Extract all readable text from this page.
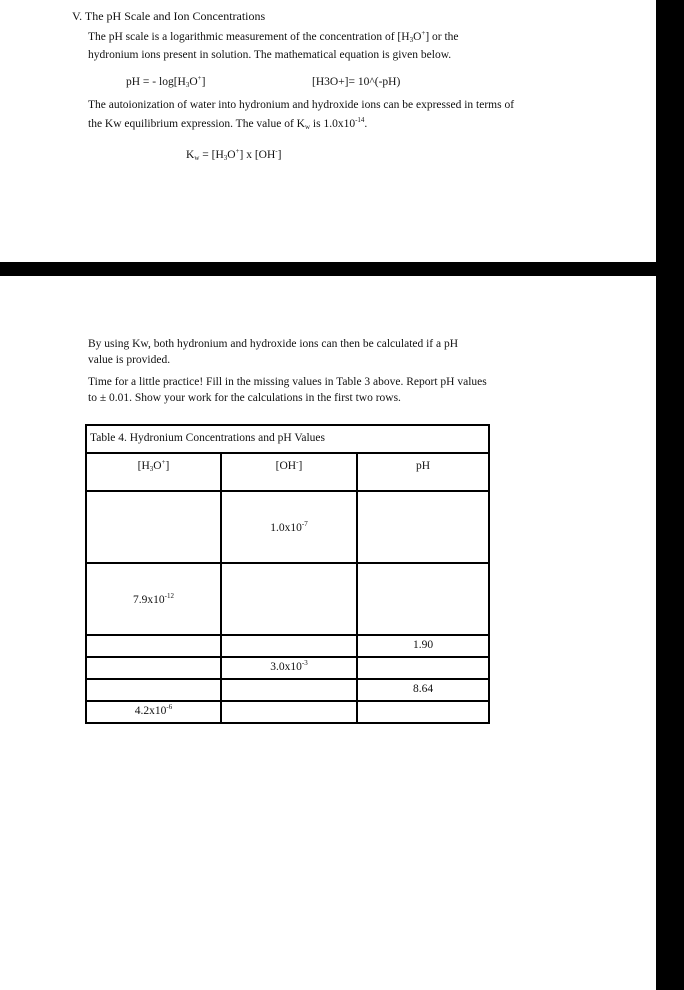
V. The pH Scale and Ion Concentrations
The pH scale is a logarithmic measurement of the concentration of $[H_3O^+]$ or the
hydronium ions present in solution. The mathematical equation is given below.
pH = - $\log[H_3O^+]$	[H3O+]= 10^(-pH)
The autoionization of water into hydronium and hydroxide ions can be expressed in terms of
the Kw equilibrium expression. The value of $K_w$ is $1.0x10^{-14}$.
$K_w = [H_3O^+]$ x [OH-]
By using Kw, both hydronium and hydroxide ions can then be calculated if a pH
value is provided.
Time for a little practice! Fill in the missing values in Table 3 above. Report pH values
to ± 0.01. Show your work for the calculations in the first two rows.
Table 4. Hydronium Concentrations and pH Values		
$[H_3O^+]$	[OH-]	pH

	$1.0x10^{-7}$

$7.9x10^{-12}$

		1.90

	$3.0x10^{-3}$

		8.64

$4.2x10^{-6}$
